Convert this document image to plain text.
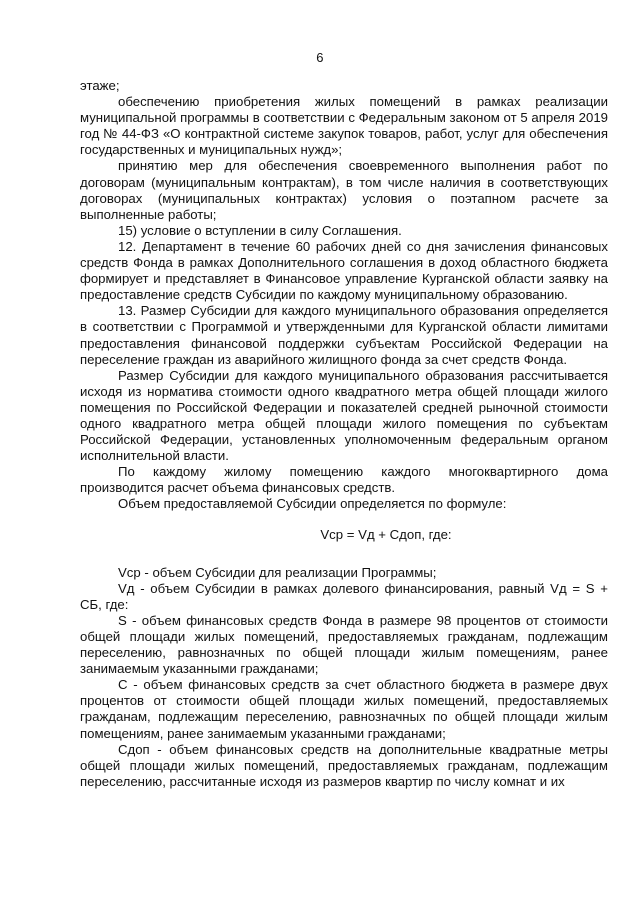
6

этаже;

обеспечению приобретения жилых помещений в рамках реализации муниципальной программы в соответствии с Федеральным законом от 5 апреля 2019 год № 44-ФЗ «О контрактной системе закупок товаров, работ, услуг для обеспечения государственных и муниципальных нужд»;

принятию мер для обеспечения своевременного выполнения работ по договорам (муниципальным контрактам), в том числе наличия в соответствующих договорах (муниципальных контрактах) условия о поэтапном расчете за выполненные работы;

15) условие о вступлении в силу Соглашения.

12. Департамент в течение 60 рабочих дней со дня зачисления финансовых средств Фонда в рамках Дополнительного соглашения в доход областного бюджета формирует и представляет в Финансовое управление Курганской области заявку на предоставление средств Субсидии по каждому муниципальному образованию.

13. Размер Субсидии для каждого муниципального образования определяется в соответствии с Программой и утвержденными для Курганской области лимитами предоставления финансовой поддержки субъектам Российской Федерации на переселение граждан из аварийного жилищного фонда за счет средств Фонда.

Размер Субсидии для каждого муниципального образования рассчитывается исходя из норматива стоимости одного квадратного метра общей площади жилого помещения по Российской Федерации и показателей средней рыночной стоимости одного квадратного метра общей площади жилого помещения по субъектам Российской Федерации, установленных уполномоченным федеральным органом исполнительной власти.

По каждому жилому помещению каждого многоквартирного дома производится расчет объема финансовых средств.

Объем предоставляемой Субсидии определяется по формуле:

Vср = Vд + Сдоп, где:

Vср - объем Субсидии для реализации Программы;

Vд - объем Субсидии в рамках долевого финансирования, равный Vд = S + СБ, где:

S - объем финансовых средств Фонда в размере 98 процентов от стоимости общей площади жилых помещений, предоставляемых гражданам, подлежащим переселению, равнозначных по общей площади жилым помещениям, ранее занимаемым указанными гражданами;

С - объем финансовых средств за счет областного бюджета в размере двух процентов от стоимости общей площади жилых помещений, предоставляемых гражданам, подлежащим переселению, равнозначных по общей площади жилым помещениям, ранее занимаемым указанными гражданами;

Сдоп - объем финансовых средств на дополнительные квадратные метры общей площади жилых помещений, предоставляемых гражданам, подлежащим переселению, рассчитанные исходя из размеров квартир по числу комнат и их
